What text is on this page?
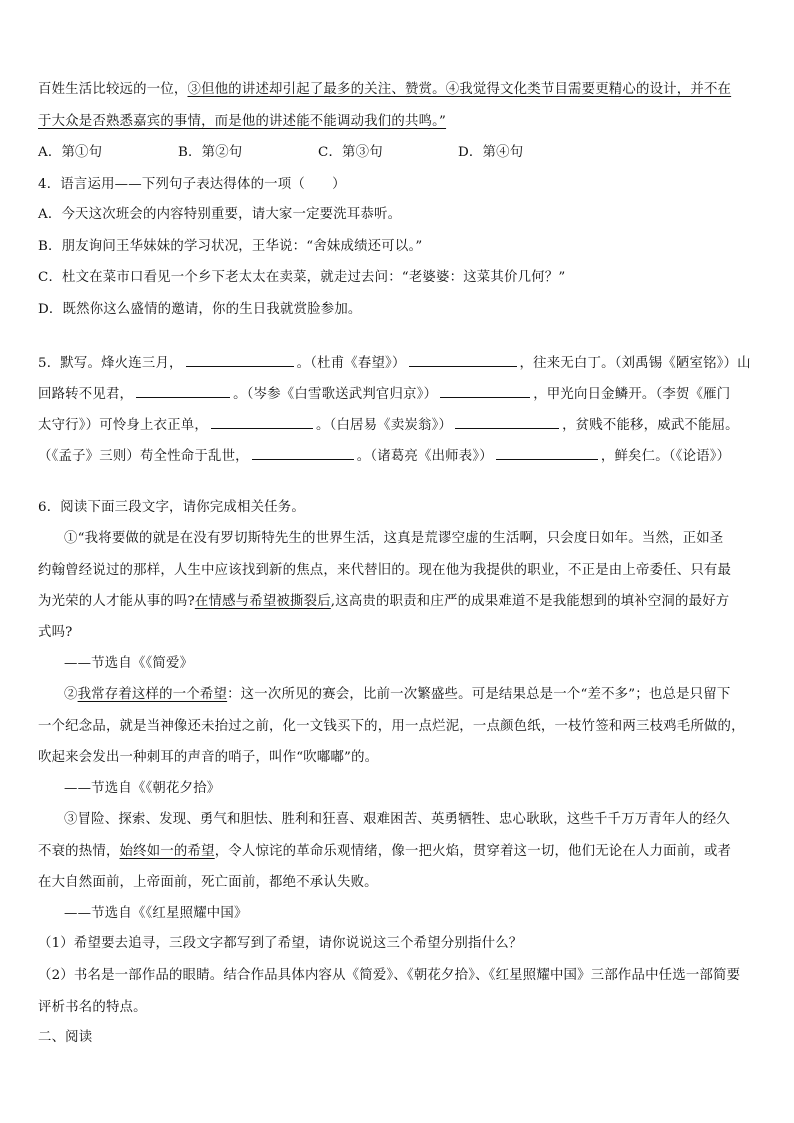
百姓生活比较远的一位，③但他的讲述却引起了最多的关注、赞赏。④我觉得文化类节目需要更精心的设计，并不在
于大众是否熟悉嘉宾的事情，而是他的讲述能不能调动我们的共鸣。”
A．第①句	B．第②句	C．第③句	D．第④句
4．语言运用——下列句子表达得体的一项（　　）
A．今天这次班会的内容特别重要，请大家一定要洗耳恭听。
B．朋友询问王华妹妹的学习状况，王华说：“舍妹成绩还可以。”
C．杜文在菜市口看见一个乡下老太太在卖菜，就走过去问：“老婆婆：这菜其价几何？”
D．既然你这么盛情的邀请，你的生日我就赏脸参加。
5．默写。烽火连三月，	。（杜甫《春望》）	，往来无白丁。（刘禹锡《陋室铭》）山
回路转不见君，	。（岑参《白雪歌送武判官归京》）	，甲光向日金鳞开。（李贺《雁门
太守行》）可怜身上衣正单，	。（白居易《卖炭翁》）	，贫贱不能移，威武不能屈。
（《孟子》三则）苟全性命于乱世，	。（诸葛亮《出师表》）	，鲜矣仁。（《论语》）
6．阅读下面三段文字，请你完成相关任务。
①“我将要做的就是在没有罗切斯特先生的世界生活，这真是荒谬空虚的生活啊，只会度日如年。当然，正如圣
约翰曾经说过的那样，人生中应该找到新的焦点，来代替旧的。现在他为我提供的职业，不正是由上帝委任、只有最
为光荣的人才能从事的吗?在情感与希望被撕裂后,这高贵的职责和庄严的成果难道不是我能想到的填补空洞的最好方
式吗?
——节选自《《简爱》
②我常存着这样的一个希望：这一次所见的赛会，比前一次繁盛些。可是结果总是一个“差不多”；也总是只留下
一个纪念品，就是当神像还未抬过之前，化一文钱买下的，用一点烂泥，一点颜色纸，一枝竹签和两三枝鸡毛所做的，
吹起来会发出一种刺耳的声音的哨子，叫作“吹嘟嘟”的。
——节选自《《朝花夕拾》
③冒险、探索、发现、勇气和胆怯、胜利和狂喜、艰难困苦、英勇牺牲、忠心耿耿，这些千千万万青年人的经久
不衰的热情，始终如一的希望，令人惊诧的革命乐观情绪，像一把火焰，贯穿着这一切，他们无论在人力面前，或者
在大自然面前，上帝面前，死亡面前，都绝不承认失败。
——节选自《《红星照耀中国》
（1）希望要去追寻，三段文字都写到了希望，请你说说这三个希望分别指什么？
（2）书名是一部作品的眼睛。结合作品具体内容从《简爱》、《朝花夕拾》、《红星照耀中国》三部作品中任选一部简要
评析书名的特点。
二、阅读
